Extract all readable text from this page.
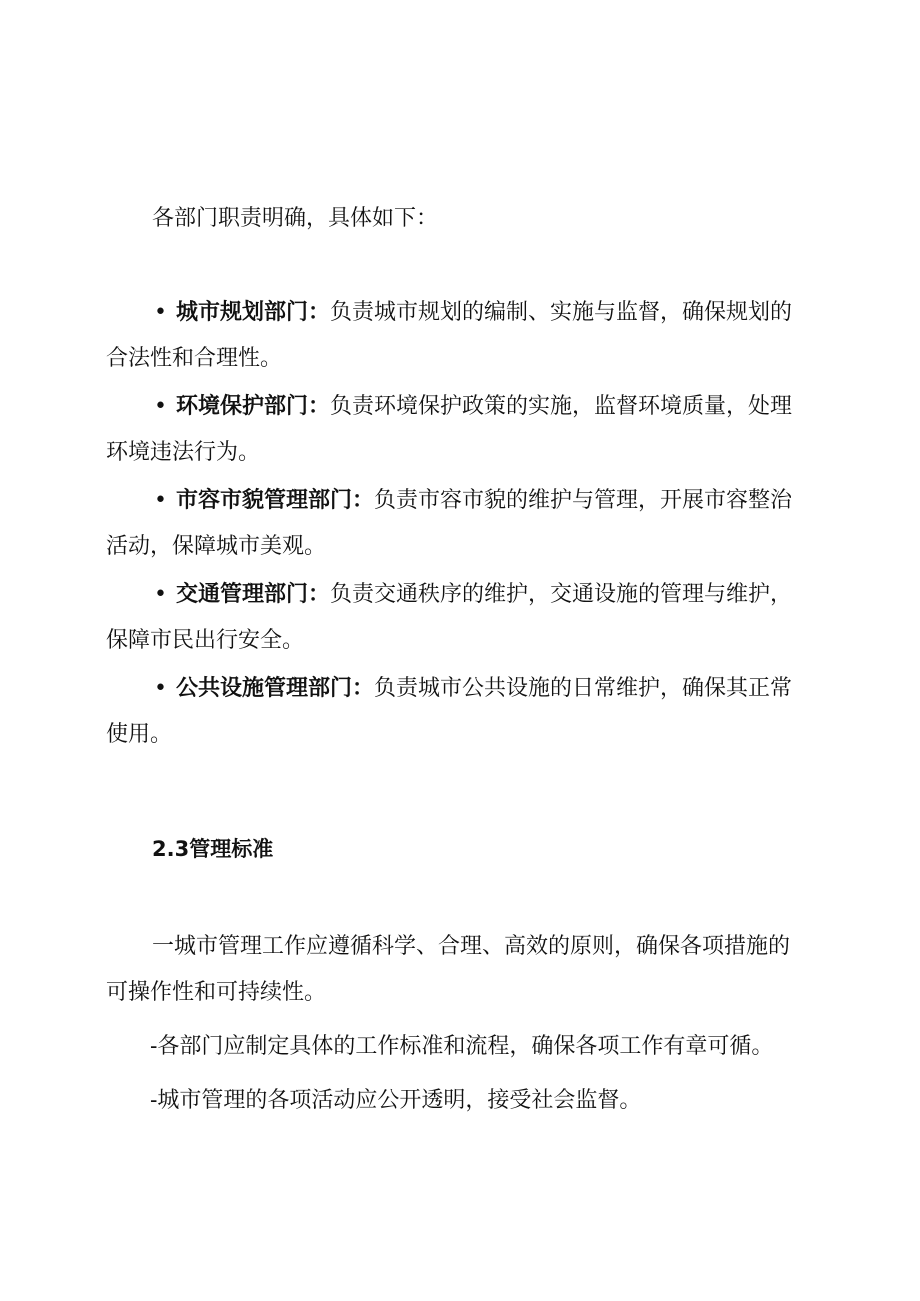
各部门职责明确，具体如下：

• 城市规划部门：负责城市规划的编制、实施与监督，确保规划的合法性和合理性。

• 环境保护部门：负责环境保护政策的实施，监督环境质量，处理环境违法行为。

• 市容市貌管理部门：负责市容市貌的维护与管理，开展市容整治活动，保障城市美观。

• 交通管理部门：负责交通秩序的维护，交通设施的管理与维护，保障市民出行安全。

• 公共设施管理部门：负责城市公共设施的日常维护，确保其正常使用。

2.3管理标准

一城市管理工作应遵循科学、合理、高效的原则，确保各项措施的可操作性和可持续性。

-各部门应制定具体的工作标准和流程，确保各项工作有章可循。

-城市管理的各项活动应公开透明，接受社会监督。
